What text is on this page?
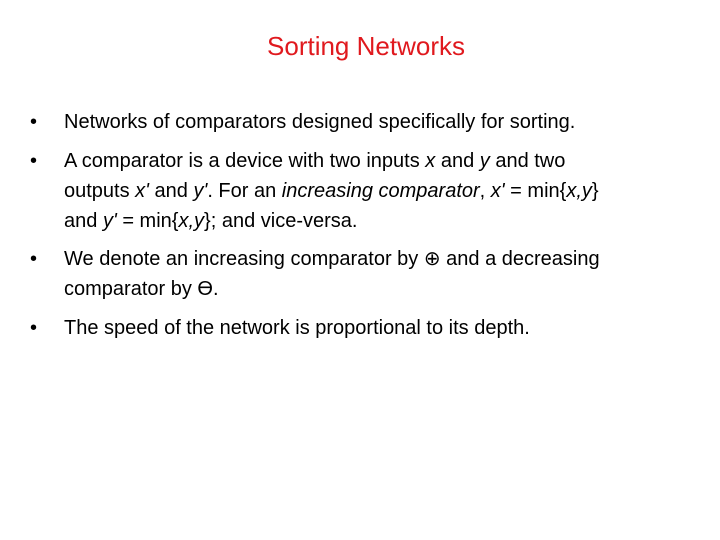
Sorting Networks
•	Networks of comparators designed specifically for sorting.
•	A comparator is a device with two inputs x and y and two
outputs x' and y'. For an increasing comparator, x' = min{x,y}
and y' = min{x,y}; and vice-versa.
•	We denote an increasing comparator by ⊕ and a decreasing
comparator by Ө.
•	The speed of the network is proportional to its depth.
